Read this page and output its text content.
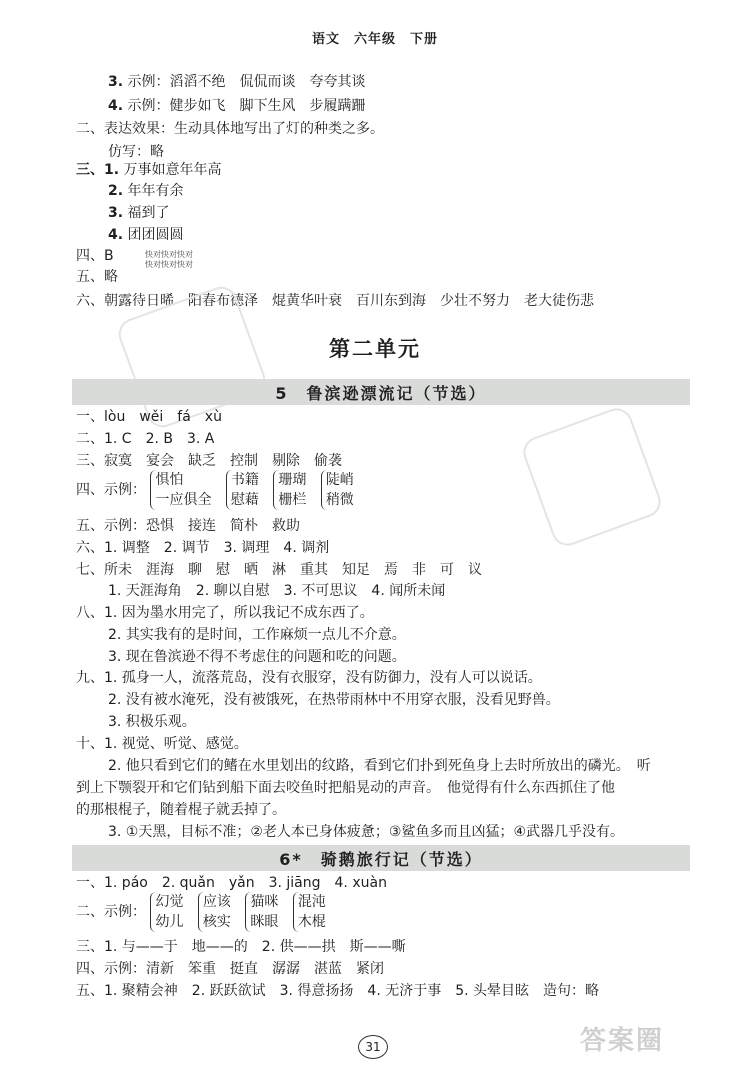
语文　六年级　下册
3. 示例：滔滔不绝　侃侃而谈　夸夸其谈
4. 示例：健步如飞　脚下生风　步履蹒跚
二、表达效果：生动具体地写出了灯的种类之多。
仿写：略
三、1. 万事如意年年高
2. 年年有余
3. 福到了
4. 团团圆圆
四、B	快对快对快对
快对快对快对
五、略
六、朝露待日晞　阳春布德泽　焜黄华叶衰　百川东到海　少壮不努力　老大徒伤悲
第二单元
5　鲁滨逊漂流记（节选）
一、lòu　wěi　fá　xù
二、1. C　2. B　3. A
三、寂寞　宴会　缺乏　控制　剔除　偷袭
四、示例：
惧怕
一应俱全

书籍
慰藉

珊瑚
栅栏

陡峭
稍微
五、示例：恐惧　接连　简朴　救助
六、1. 调整　2. 调节　3. 调理　4. 调剂
七、所未　涯海　聊　慰　晒　淋　重其　知足　焉　非　可　议
1. 天涯海角　2. 聊以自慰　3. 不可思议　4. 闻所未闻
八、1. 因为墨水用完了，所以我记不成东西了。
2. 其实我有的是时间，工作麻烦一点儿不介意。
3. 现在鲁滨逊不得不考虑住的问题和吃的问题。
九、1. 孤身一人，流落荒岛，没有衣服穿，没有防御力，没有人可以说话。
2. 没有被水淹死，没有被饿死，在热带雨林中不用穿衣服，没看见野兽。
3. 积极乐观。
十、1. 视觉、听觉、感觉。
2. 他只看到它们的鳍在水里划出的纹路，看到它们扑到死鱼身上去时所放出的磷光。　听
到上下颚裂开和它们钻到船下面去咬鱼时把船晃动的声音。　他觉得有什么东西抓住了他
的那根棍子，随着棍子就丢掉了。
3. ①天黑，目标不准；②老人本已身体疲惫；③鲨鱼多而且凶猛；④武器几乎没有。
6*　骑鹅旅行记（节选）
一、1. páo　2. quǎn　yǎn　3. jiāng　4. xuàn
二、示例：
幻觉
幼儿

应该
核实

猫咪
眯眼

混沌
木棍
三、1. 与——于　地——的　2. 供——拱　斯——嘶
四、示例：清新　笨重　挺直　潺潺　湛蓝　紧闭
五、1. 聚精会神　2. 跃跃欲试　3. 得意扬扬　4. 无济于事　5. 头晕目眩　造句：略
31	答案圈
